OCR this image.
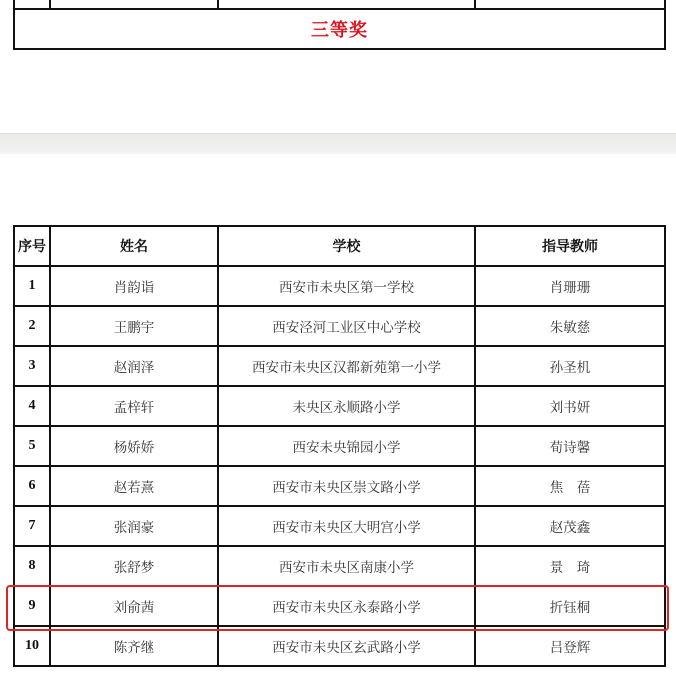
三等奖
序号	姓名	学校	指导教师
1	肖韵诣	西安市未央区第一学校	肖珊珊
2	王鹏宇	西安泾河工业区中心学校	朱敏慈
3	赵润泽	西安市未央区汉都新苑第一小学	孙圣机
4	孟梓轩	未央区永顺路小学	刘书妍
5	杨娇娇	西安未央锦园小学	荀诗馨
6	赵若熹	西安市未央区崇文路小学	焦　蓓
7	张润豪	西安市未央区大明宫小学	赵茂鑫
8	张舒梦	西安市未央区南康小学	景　琦
9	刘俞茜	西安市未央区永泰路小学	折钰桐
10	陈齐继	西安市未央区玄武路小学	吕登辉
